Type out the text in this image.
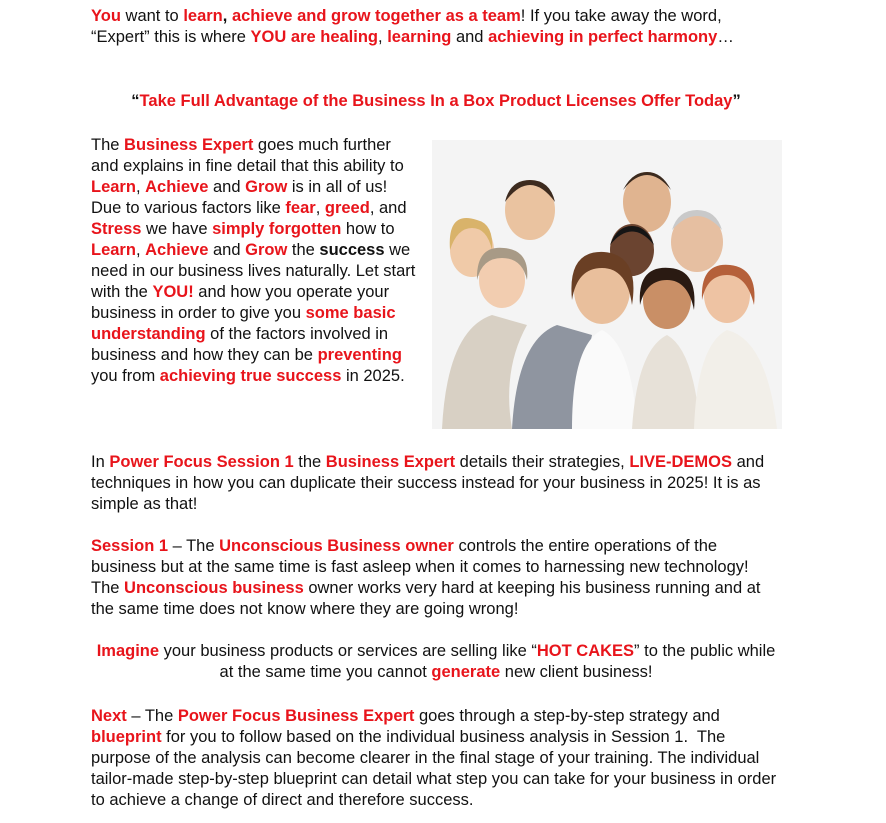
You want to learn, achieve and grow together as a team! If you take away the word, “Expert” this is where YOU are healing, learning and achieving in perfect harmony…

“Take Full Advantage of the Business In a Box Product Licenses Offer Today”

The Business Expert goes much further and explains in fine detail that this ability to Learn, Achieve and Grow is in all of us! Due to various factors like fear, greed, and Stress we have simply forgotten how to Learn, Achieve and Grow the success we need in our business lives naturally. Let start with the YOU! and how you operate your business in order to give you some basic understanding of the factors involved in business and how they can be preventing you from achieving true success in 2025.

In Power Focus Session 1 the Business Expert details their strategies, LIVE-DEMOS and techniques in how you can duplicate their success instead for your business in 2025! It is as simple as that!

Session 1 – The Unconscious Business owner controls the entire operations of the business but at the same time is fast asleep when it comes to harnessing new technology! The Unconscious business owner works very hard at keeping his business running and at the same time does not know where they are going wrong!

Imagine your business products or services are selling like “HOT CAKES” to the public while at the same time you cannot generate new client business!

Next – The Power Focus Business Expert goes through a step-by-step strategy and blueprint for you to follow based on the individual business analysis in Session 1.  The purpose of the analysis can become clearer in the final stage of your training. The individual tailor-made step-by-step blueprint can detail what step you can take for your business in order to achieve a change of direct and therefore success.
